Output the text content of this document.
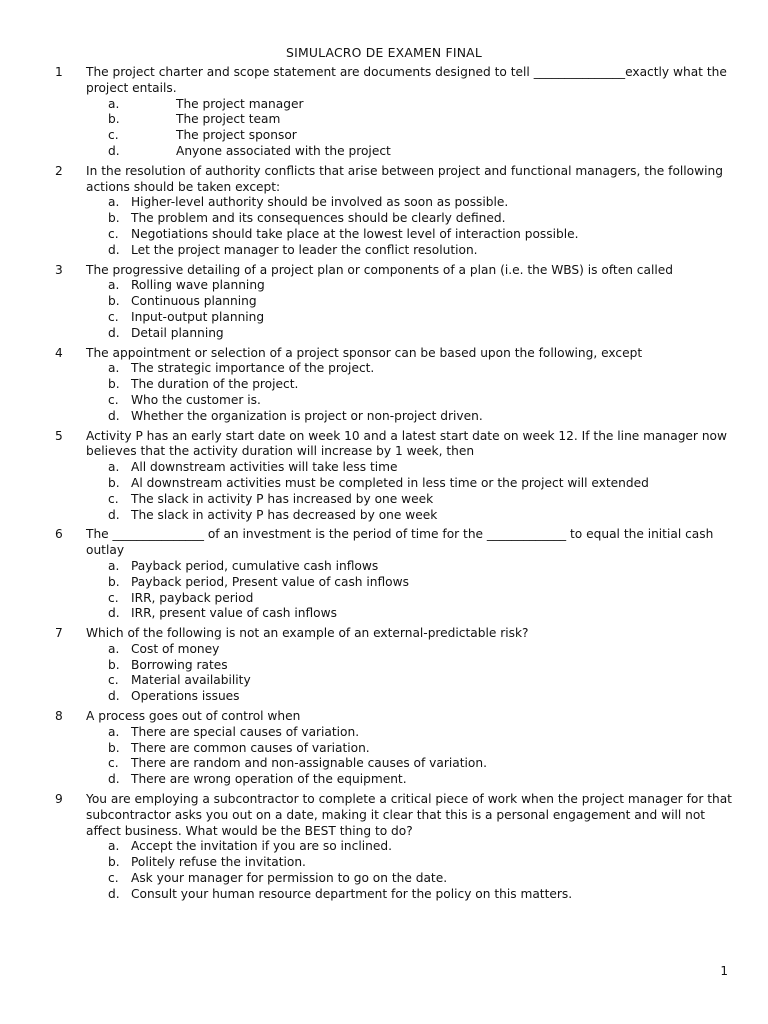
SIMULACRO DE EXAMEN FINAL
1 The project charter and scope statement are documents designed to tell _______________exactly what the project entails.
a.	The project manager
b.	The project team
c.	The project sponsor
d.	Anyone associated with the project
2 In the resolution of authority conflicts that arise between project and functional managers, the following actions should be taken except:
a. Higher-level authority should be involved as soon as possible.
b. The problem and its consequences should be clearly defined.
c.	Negotiations should take place at the lowest level of interaction possible.
d. Let the project manager to leader the conflict resolution.
3 The progressive detailing of a project plan or components of a plan (i.e. the WBS) is often called
a. Rolling wave planning
b. Continuous planning
c.	Input-output planning
d. Detail planning
4 The appointment or selection of a project sponsor can be based upon the following, except
a. The strategic importance of the project.
b. The duration of the project.
c.	Who the customer is.
d. Whether the organization is project or non-project driven.
5 Activity P has an early start date on week 10 and a latest start date on week 12. If the line manager now believes that the activity duration will increase by 1 week, then
a. All downstream activities will take less time
b. Al downstream activities must be completed in less time or the project will extended
c.	The slack in activity P has increased by one week
d. The slack in activity P has decreased by one week
6 The _______________ of an investment is the period of time for the _____________ to equal the initial cash outlay
a. Payback period, cumulative cash inflows
b. Payback period, Present value of cash inflows
c.	IRR, payback period
d. IRR, present value of cash inflows
7 Which of the following is not an example of an external-predictable risk?
a. Cost of money
b. Borrowing rates
c.	Material availability
d. Operations issues
8 A process goes out of control when
a. There are special causes of variation.
b. There are common causes of variation.
c.	There are random and non-assignable causes of variation.
d. There are wrong operation of the equipment.
9 You are employing a subcontractor to complete a critical piece of work when the project manager for that subcontractor asks you out on a date, making it clear that this is a personal engagement and will not affect business. What would be the BEST thing to do?
a. Accept the invitation if you are so inclined.
b. Politely refuse the invitation.
c.	Ask your manager for permission to go on the date.
d. Consult your human resource department for the policy on this matters.
1
